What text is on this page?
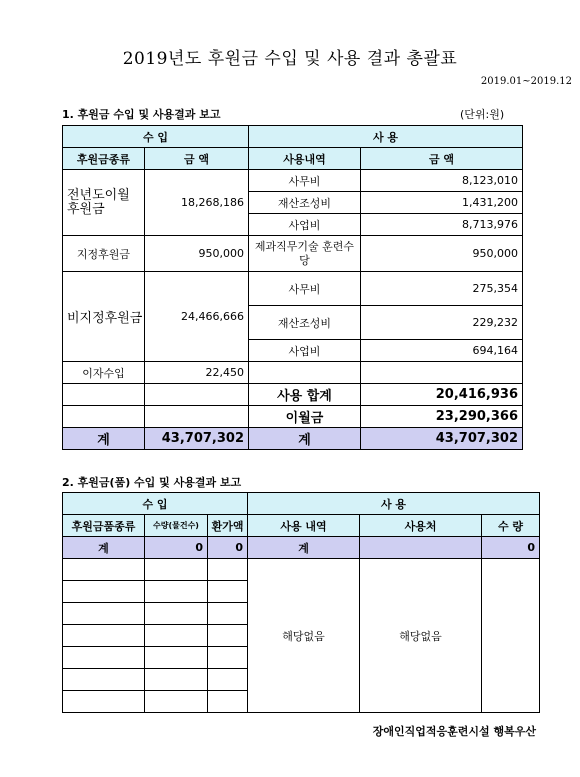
2019년도 후원금 수입 및 사용 결과 총괄표
2019.01~2019.12
1. 후원금 수입 및 사용결과 보고	(단위:원)
수 입		사 용	
후원금종류	금 액	사용내역	금 액
전년도이월 후원금	18,268,186	사무비	8,123,010
		재산조성비	1,431,200
		사업비	8,713,976
지정후원금	950,000	제과직무기술 훈련수당	950,000
비지정후원금	24,466,666	사무비	275,354
		재산조성비	229,232
		사업비	694,164
이자수입	22,450		
		사용 합계	20,416,936
		이월금	23,290,366
계	43,707,302	계	43,707,302
2. 후원금(품) 수입 및 사용결과 보고
수 입			사 용		
후원금품종류	수량(물건수)	환가액	사용 내역	사용처	수 량
계	0	0	계		0
			해당없음	해당없음	

장애인직업적응훈련시설 행복우산
